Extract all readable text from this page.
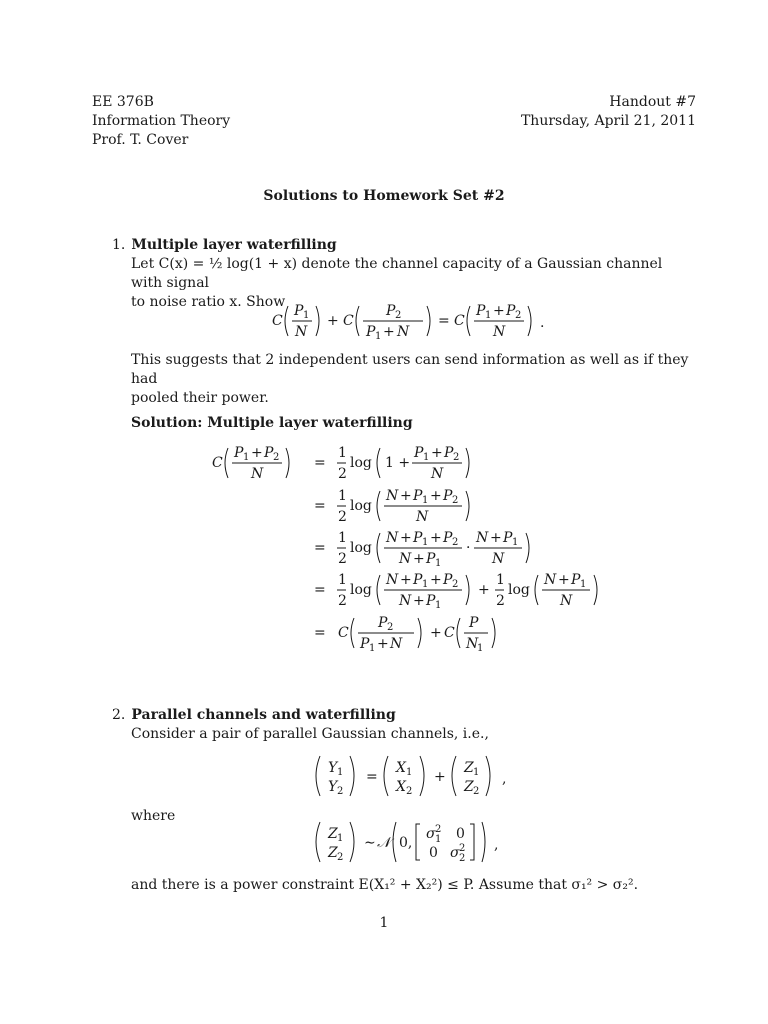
EE 376B
Information Theory
Prof. T. Cover
Handout #7
Thursday, April 21, 2011
Solutions to Homework Set #2
1. Multiple layer waterfilling
Let C(x) = ½ log(1 + x) denote the channel capacity of a Gaussian channel with signal
to noise ratio x. Show
C
P 1
N
+ C
P 2
P 1 + N
= C
P 1 + P 2
N
.
This suggests that 2 independent users can send information as well as if they had
pooled their power.
Solution: Multiple layer waterfilling
C
P 1 + P 2
N
=
1
2
log 1 +
P 1 + P 2
N
=
1
2
log
N + P 1 + P 2
N
=
1
2
log
N + P 1 + P 2
N + P 1
·
N + P 1
N
=
1
2
log
N + P 1 + P 2
N + P 1
+
1
2
log
N + P 1
N
= C
P 2
P 1 + N
+ C
P
N
1
2. Parallel channels and waterfilling
Consider a pair of parallel Gaussian channels, i.e.,
Y 1
Y 2
=
X 1
X 2
+
Z 1
Z 2
,
where
Z 1
Z 2
∼ 𝒩 0,
σ 2
1 0
0 σ 2
2
,
and there is a power constraint E(X₁² + X₂²) ≤ P. Assume that σ₁² > σ₂².
1
